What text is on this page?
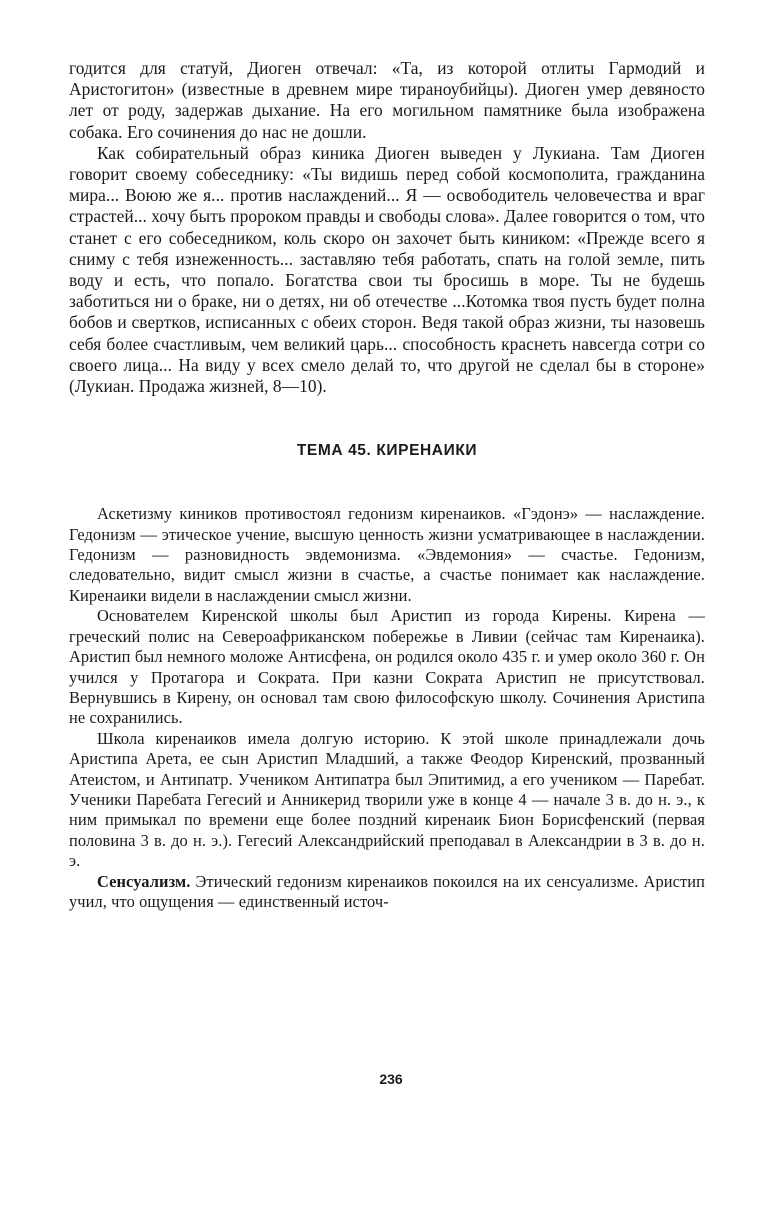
годится для статуй, Диоген отвечал: «Та, из которой отлиты Гармодий и Аристогитон» (известные в древнем мире тираноубийцы). Диоген умер девяносто лет от роду, задержав дыхание. На его могильном памятнике была изображена собака. Его сочинения до нас не дошли.

Как собирательный образ киника Диоген выведен у Лукиана. Там Диоген говорит своему собеседнику: «Ты видишь перед собой космополита, гражданина мира... Воюю же я... против наслаждений... Я — освободитель человечества и враг страстей... хочу быть пророком правды и свободы слова». Далее говорится о том, что станет с его собеседником, коль скоро он захочет быть киником: «Прежде всего я сниму с тебя изнеженность... заставляю тебя работать, спать на голой земле, пить воду и есть, что попало. Богатства свои ты бросишь в море. Ты не будешь заботиться ни о браке, ни о детях, ни об отечестве ...Котомка твоя пусть будет полна бобов и свертков, исписанных с обеих сторон. Ведя такой образ жизни, ты назовешь себя более счастливым, чем великий царь... способность краснеть навсегда сотри со своего лица... На виду у всех смело делай то, что другой не сделал бы в стороне» (Лукиан. Продажа жизней, 8—10).

ТЕМА 45. КИРЕНАИКИ

Аскетизму киников противостоял гедонизм киренаиков. «Гэдонэ» — наслаждение. Гедонизм — этическое учение, высшую ценность жизни усматривающее в наслаждении. Гедонизм — разновидность эвдемонизма. «Эвдемония» — счастье. Гедонизм, следовательно, видит смысл жизни в счастье, а счастье понимает как наслаждение. Киренаики видели в наслаждении смысл жизни.

Основателем Киренской школы был Аристип из города Кирены. Кирена — греческий полис на Североафриканском побережье в Ливии (сейчас там Киренаика). Аристип был немного моложе Антисфена, он родился около 435 г. и умер около 360 г. Он учился у Протагора и Сократа. При казни Сократа Аристип не присутствовал. Вернувшись в Кирену, он основал там свою философскую школу. Сочинения Аристипа не сохранились.

Школа киренаиков имела долгую историю. К этой школе принадлежали дочь Аристипа Арета, ее сын Аристип Младший, а также Феодор Киренский, прозванный Атеистом, и Антипатр. Учеником Антипатра был Эпитимид, а его учеником — Паребат. Ученики Паребата Гегесий и Анникерид творили уже в конце 4 — начале 3 в. до н. э., к ним примыкал по времени еще более поздний киренаик Бион Борисфенский (первая половина 3 в. до н. э.). Гегесий Александрийский преподавал в Александрии в 3 в. до н. э.

Сенсуализм. Этический гедонизм киренаиков покоился на их сенсуализме. Аристип учил, что ощущения — единственный источ-

236
